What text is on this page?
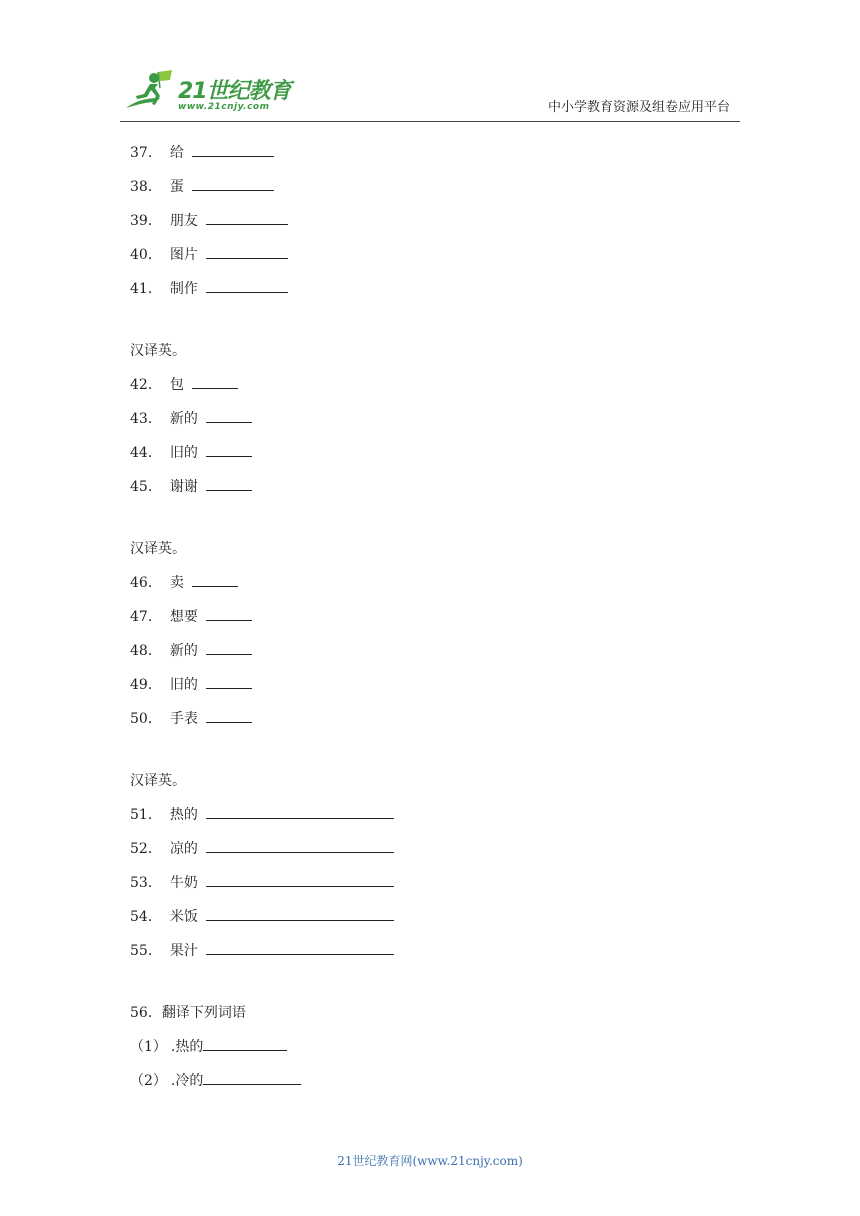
21世纪教育
www.21cnjy.com	中小学教育资源及组卷应用平台
37． 给
38． 蛋
39． 朋友
40． 图片
41． 制作
汉译英。
42． 包
43． 新的
44． 旧的
45． 谢谢
汉译英。
46． 卖
47． 想要
48． 新的
49． 旧的
50． 手表
汉译英。
51． 热的
52． 凉的
53． 牛奶
54． 米饭
55． 果汁
56．翻译下列词语
（1） .热的
（2） .冷的
21世纪教育网(www.21cnjy.com)
